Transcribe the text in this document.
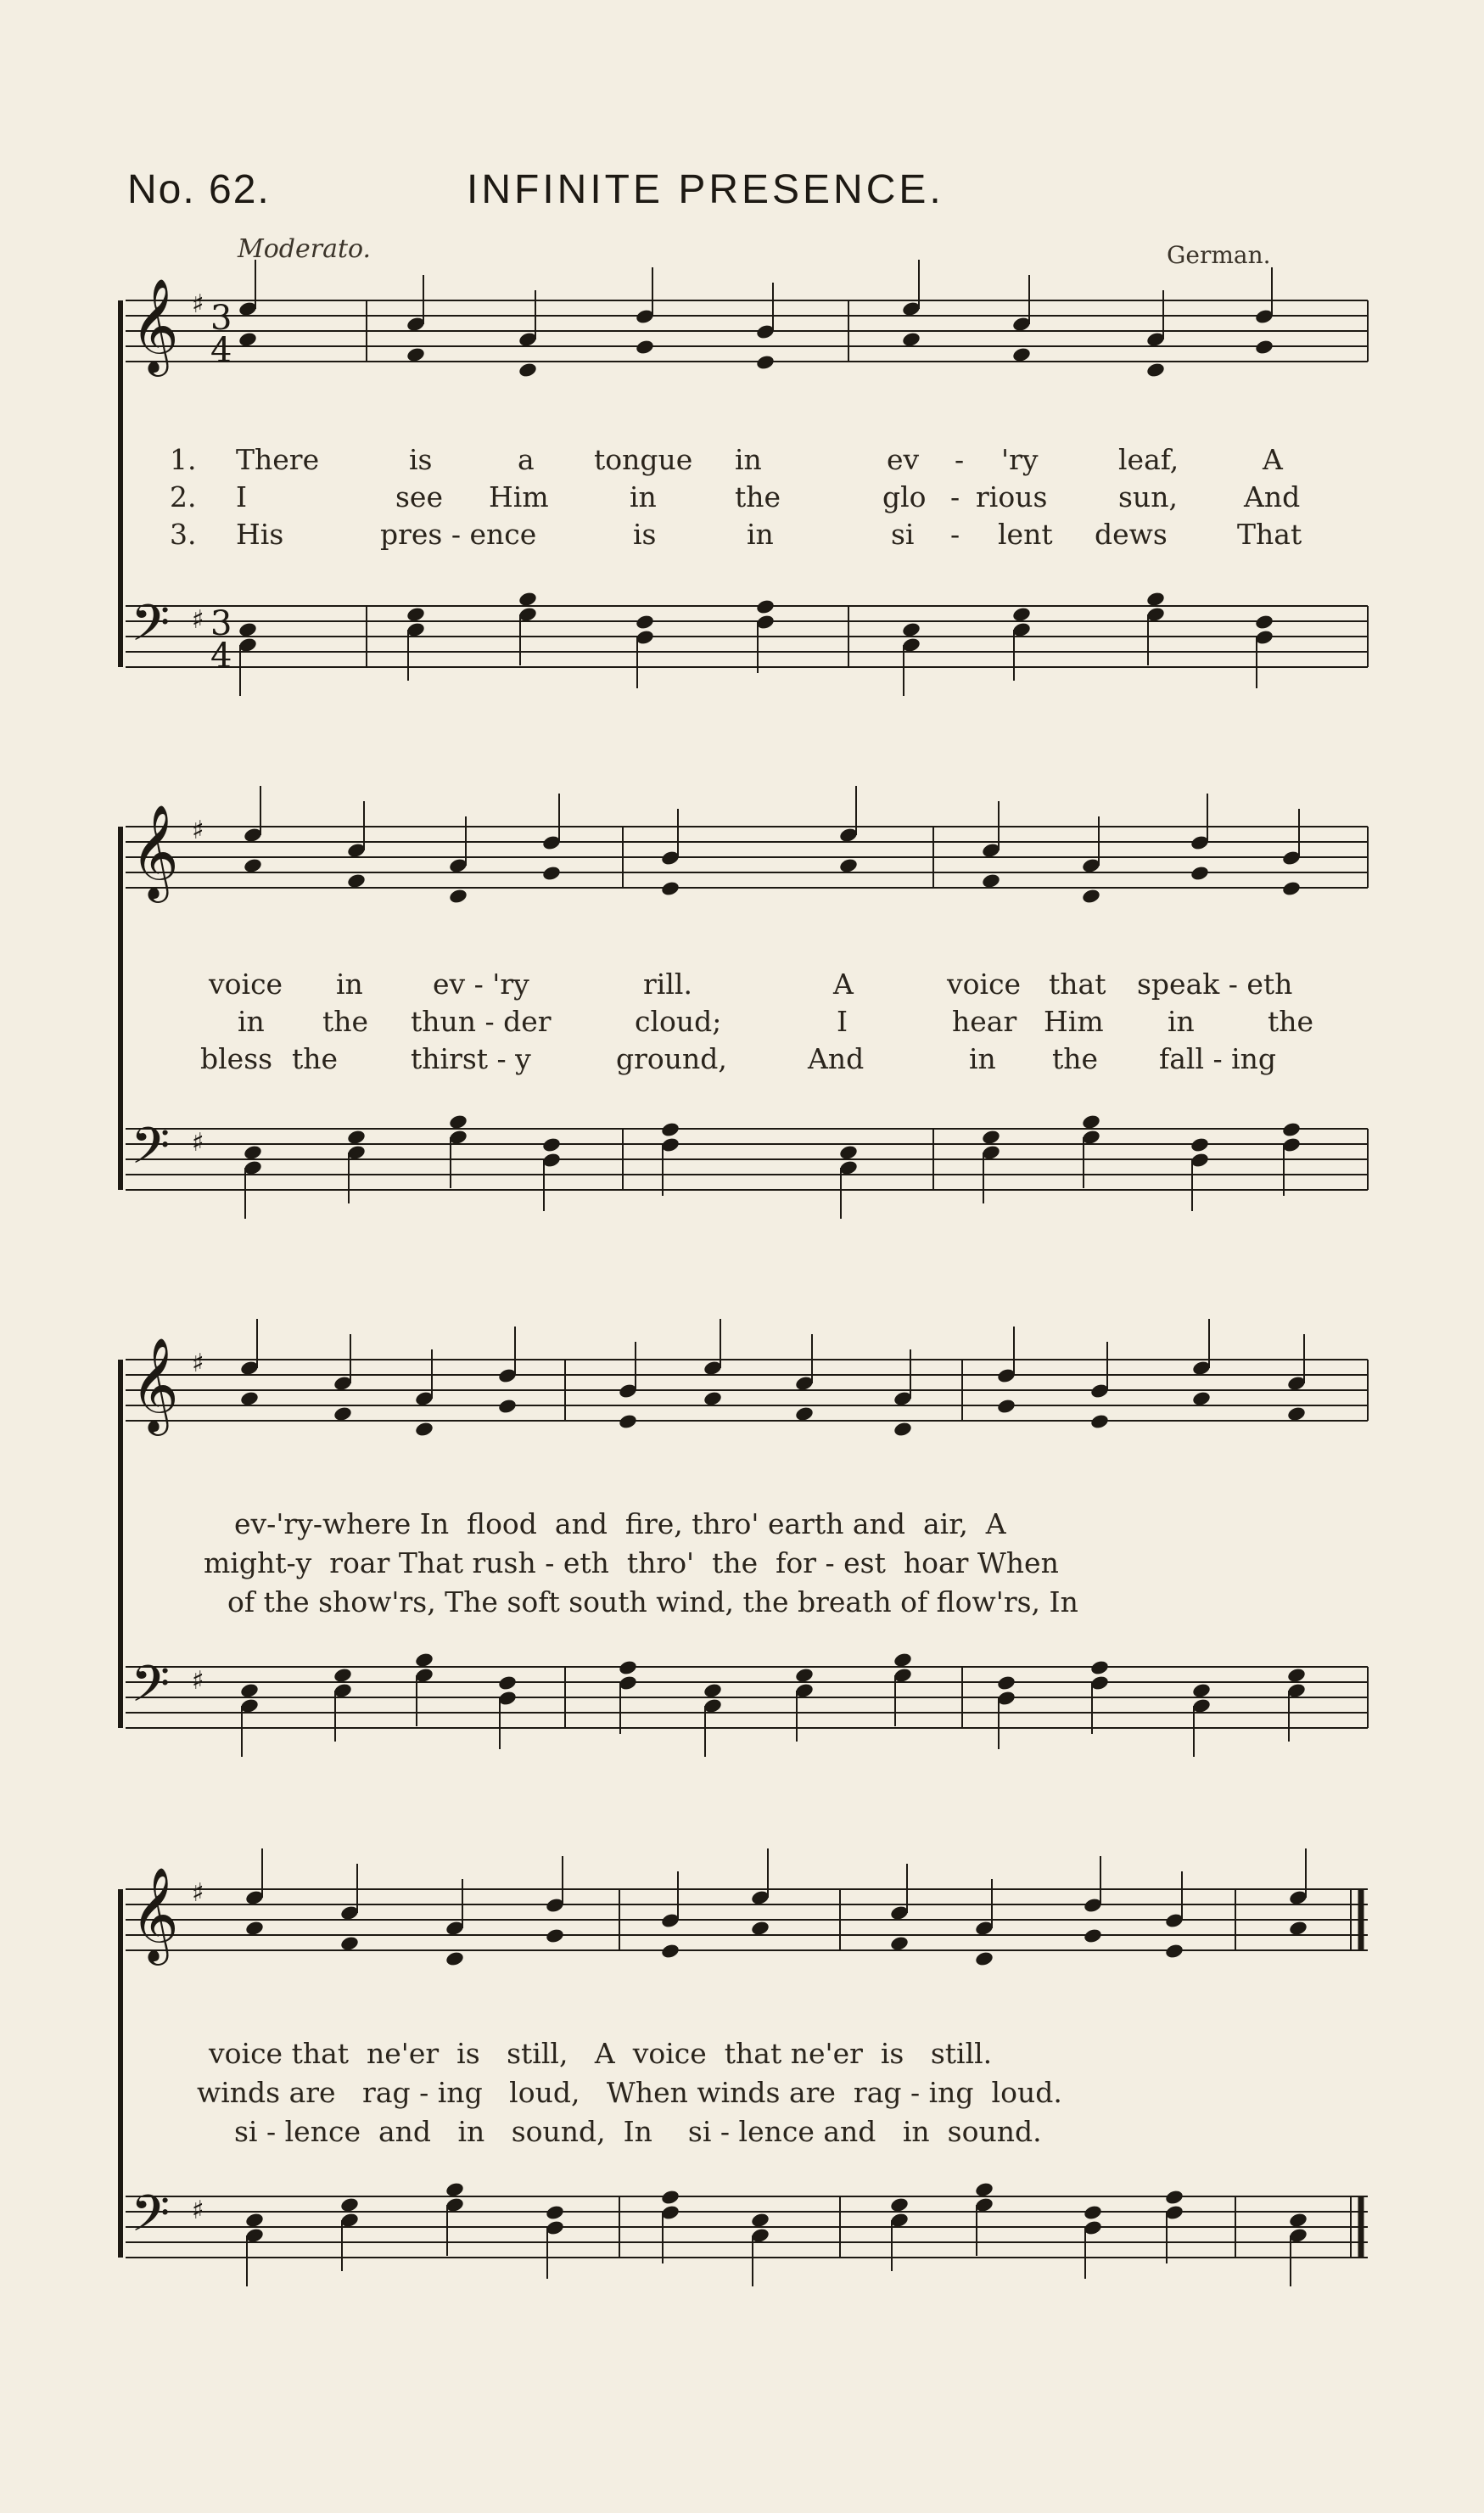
No. 62.	INFINITE PRESENCE.
Moderato.	German.
𝄞 ♯ 3
4
𝄢 ♯ 3
4
𝄞 ♯
𝄢 ♯
𝄞 ♯
𝄢 ♯
𝄞 ♯
𝄢 ♯

1.

There

	is

	a

tongue

in

	ev

-

'ry

	leaf,

	A

2.

I

	see

Him

	in

	the

	glo

-

rious

	sun,

And

3.

His

	pres - ence

	is

	in

	si

-

lent

dews

That

voice

in

ev - 'ry

	rill.

	A

	voice

that

speak - eth

in

the

thun - der

	cloud;

	I

	hear

Him

in

	the

bless

the

	thirst - y

	ground,

	And

	in

the

fall - ing

ev-'ry-where In  flood  and  fire, thro' earth and  air,  A
might-y  roar That rush - eth  thro'  the  for - est  hoar When
of the show'rs, The soft south wind, the breath of flow'rs, In
voice that  ne'er  is   still,   A  voice  that ne'er  is   still.
winds are   rag - ing   loud,   When winds are  rag - ing  loud.
si - lence  and   in   sound,  In    si - lence and   in  sound.
